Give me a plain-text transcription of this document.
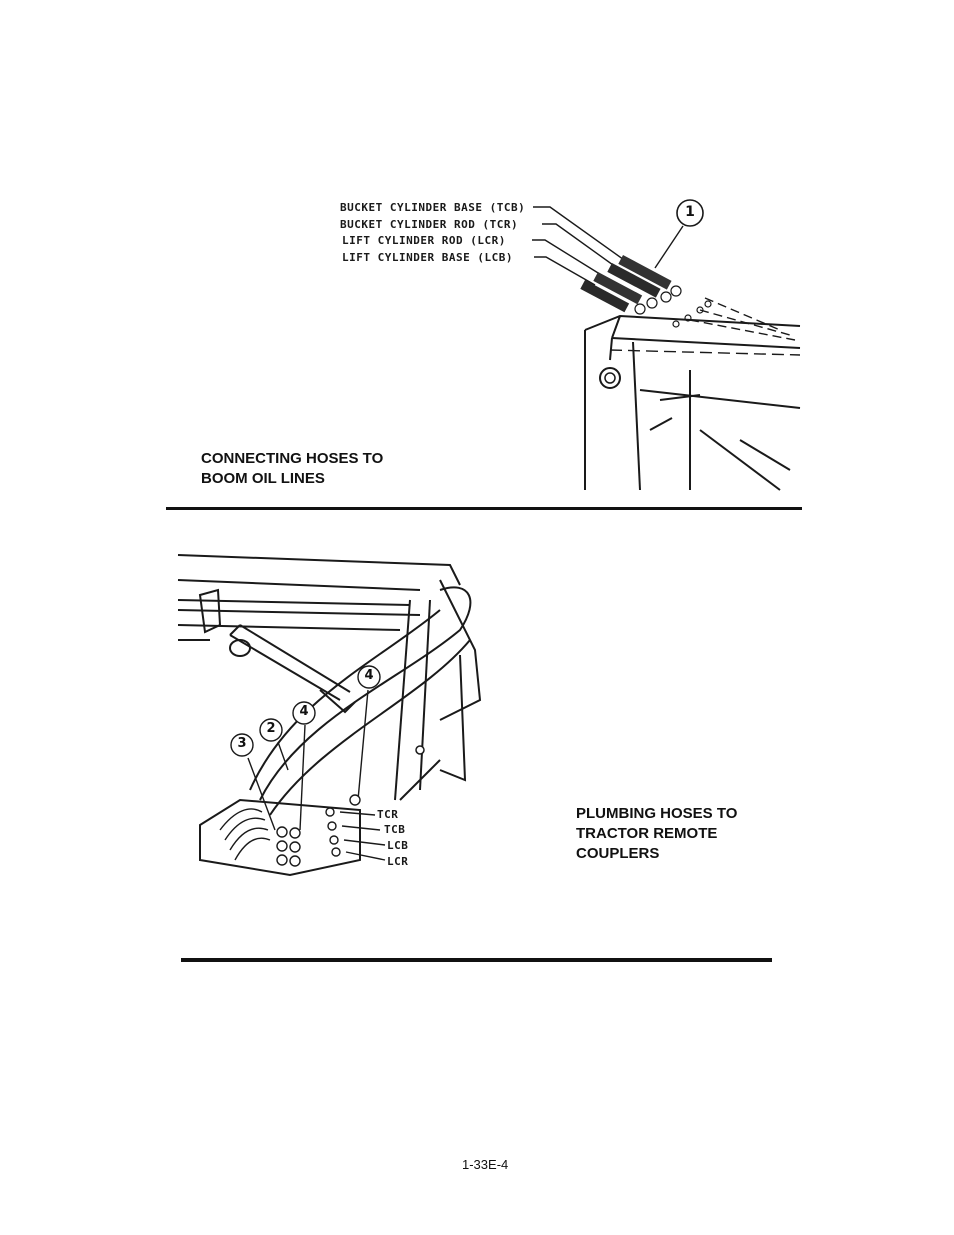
BUCKET CYLINDER BASE (TCB)
BUCKET CYLINDER ROD (TCR)
LIFT CYLINDER ROD (LCR)
LIFT CYLINDER BASE (LCB)
1
CONNECTING HOSES TO
BOOM OIL LINES
3
2
4
4
TCR
TCB
LCB
LCR
PLUMBING HOSES TO
TRACTOR REMOTE
COUPLERS
1-33E-4
